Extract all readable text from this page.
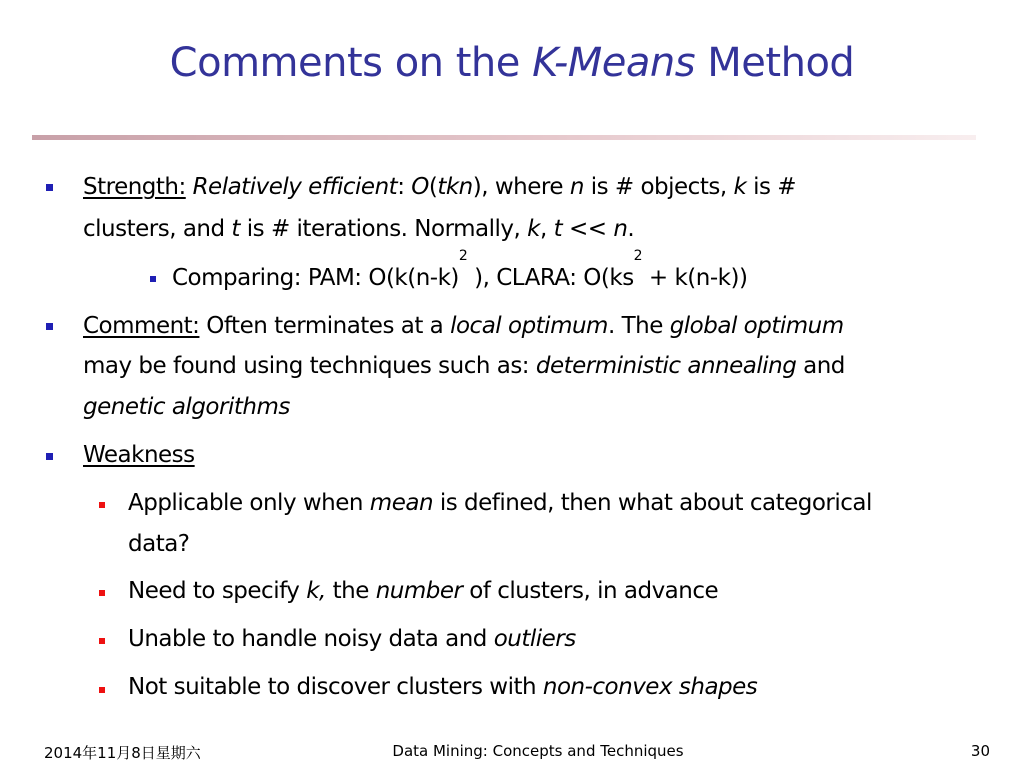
Comments on the K-Means Method
Strength: Relatively efficient: O(tkn), where n is # objects, k is #
clusters, and t is # iterations. Normally, k, t << n.
Comparing: PAM: $O(k(n-k)^2$ ), CLARA: $O(ks^2 + k(n-k))$
Comment: Often terminates at a local optimum. The global optimum
may be found using techniques such as: deterministic annealing and
genetic algorithms
Weakness
Applicable only when mean is defined, then what about categorical
data?
Need to specify k, the number of clusters, in advance
Unable to handle noisy data and outliers
Not suitable to discover clusters with non-convex shapes
2014年11月8日星期六	Data Mining: Concepts and Techniques	30
